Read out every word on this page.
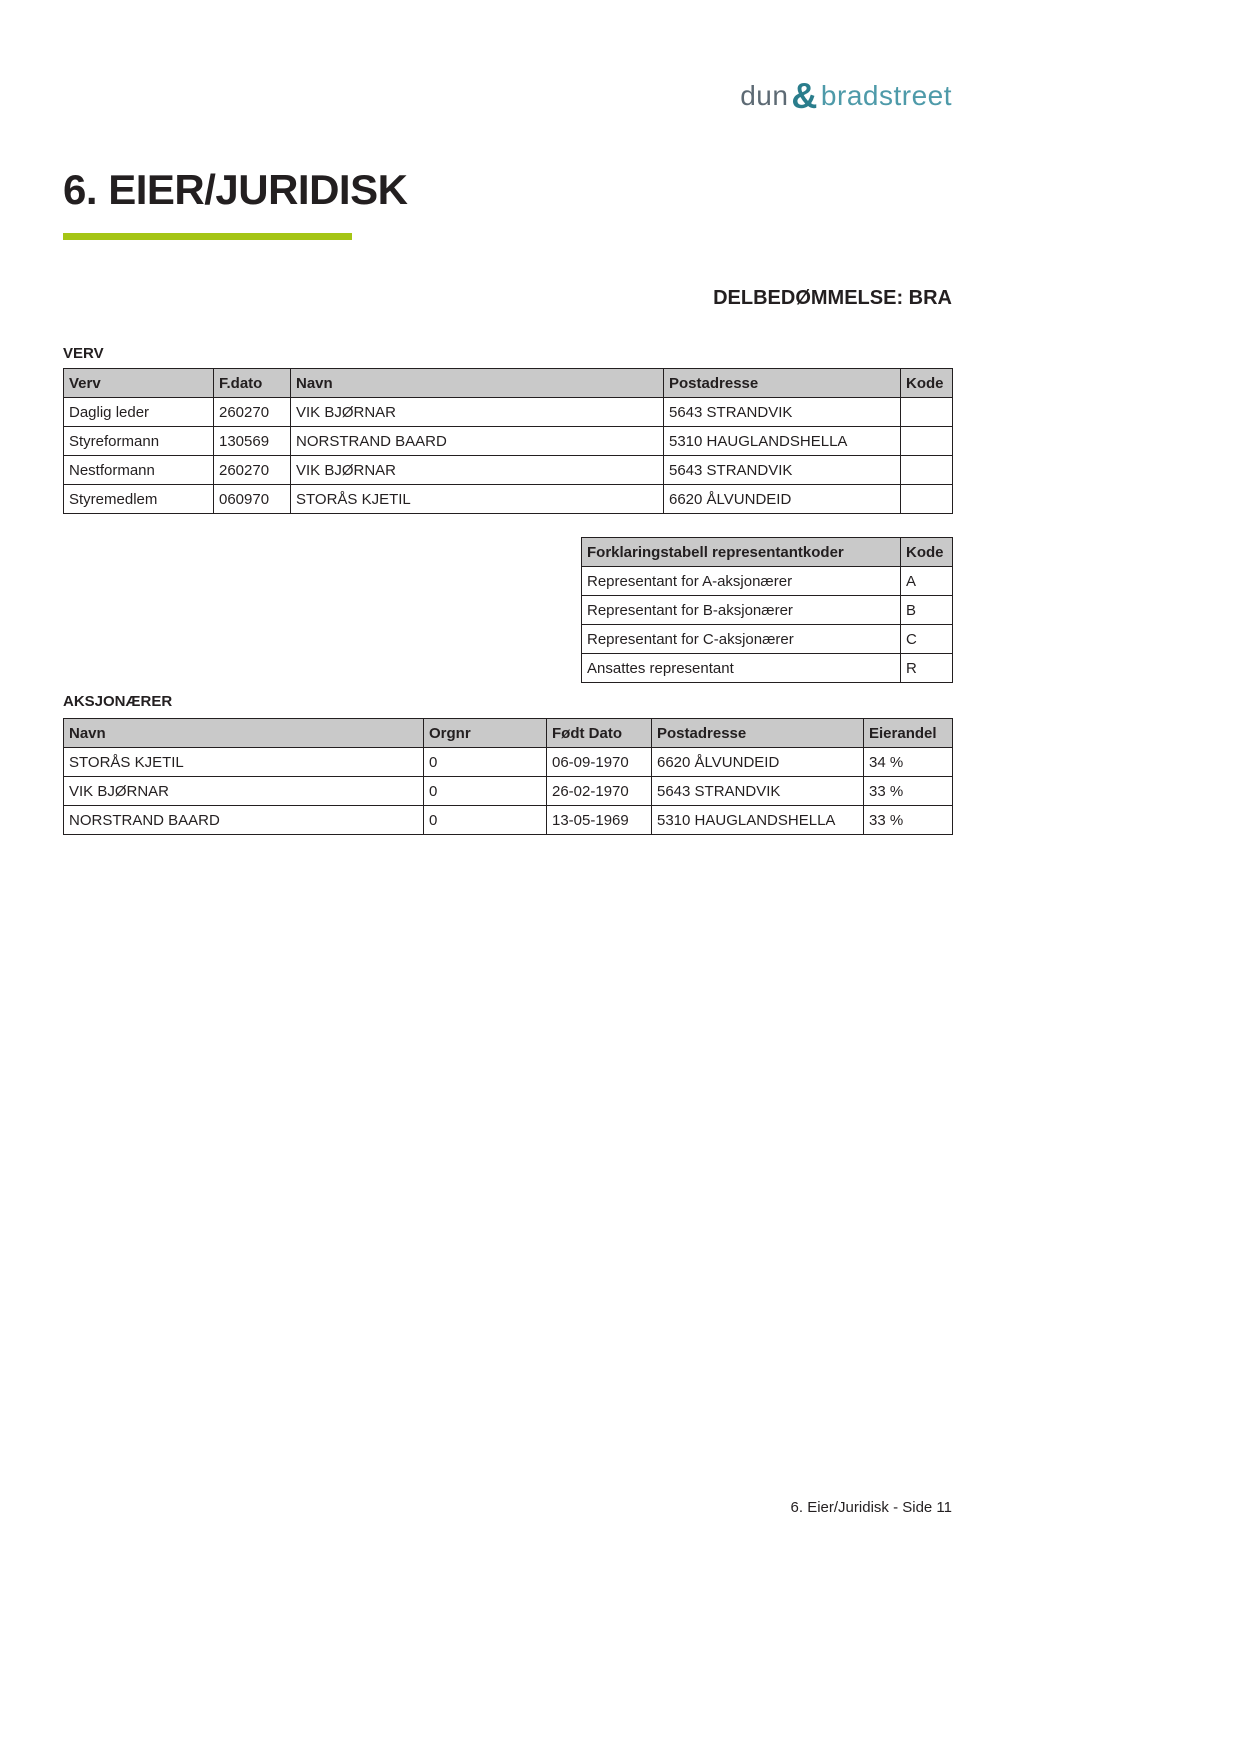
dun& bradstreet
6. EIER/JURIDISK
DELBEDØMMELSE: BRA
VERV
Verv	F.dato	Navn	Postadresse	Kode
Daglig leder	260270	VIK BJØRNAR	5643 STRANDVIK	
Styreformann	130569	NORSTRAND BAARD	5310 HAUGLANDSHELLA	
Nestformann	260270	VIK BJØRNAR	5643 STRANDVIK	
Styremedlem	060970	STORÅS KJETIL	6620 ÅLVUNDEID	
Forklaringstabell representantkoder	Kode
Representant for A-aksjonærer	A
Representant for B-aksjonærer	B
Representant for C-aksjonærer	C
Ansattes representant	R
AKSJONÆRER
Navn	Orgnr	Født Dato	Postadresse	Eierandel
STORÅS KJETIL	0	06-09-1970	6620 ÅLVUNDEID	34 %
VIK BJØRNAR	0	26-02-1970	5643 STRANDVIK	33 %
NORSTRAND BAARD	0	13-05-1969	5310 HAUGLANDSHELLA	33 %
6. Eier/Juridisk - Side 11
